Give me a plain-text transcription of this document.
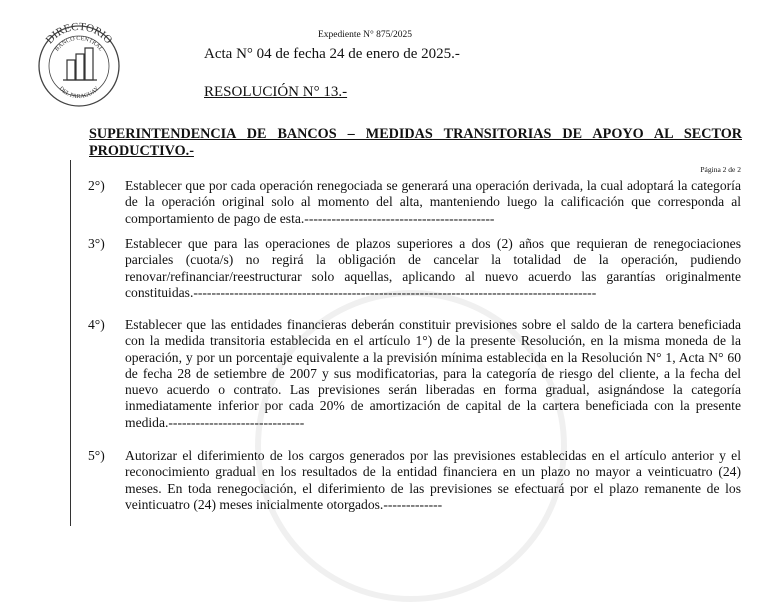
DIRECTORIO
BANCO CENTRAL
DEL PARAGUAY
Expediente N° 875/2025
Acta N° 04 de fecha 24 de enero de 2025.-
RESOLUCIÓN N° 13.-
SUPERINTENDENCIA DE BANCOS – MEDIDAS TRANSITORIAS DE APOYO AL SECTOR PRODUCTIVO.-
Página 2 de 2
2°)	Establecer que por cada operación renegociada se generará una operación derivada, la cual adoptará la categoría de la operación original solo al momento del alta, manteniendo luego la calificación que corresponda al comportamiento de pago de esta.------------------------------------------
3°)	Establecer que para las operaciones de plazos superiores a dos (2) años que requieran de renegociaciones parciales (cuota/s) no regirá la obligación de cancelar la totalidad de la operación, pudiendo renovar/refinanciar/reestructurar solo aquellas, aplicando al nuevo acuerdo las garantías originalmente constituidas.-----------------------------------------------------------------------------------------
4°)	Establecer que las entidades financieras deberán constituir previsiones sobre el saldo de la cartera beneficiada con la medida transitoria establecida en el artículo 1°) de la presente Resolución, en la misma moneda de la operación, y por un porcentaje equivalente a la previsión mínima establecida en la Resolución N° 1, Acta N° 60 de fecha 28 de setiembre de 2007 y sus modificatorias, para la categoría de riesgo del cliente, a la fecha del nuevo acuerdo o contrato. Las previsiones serán liberadas en forma gradual, asignándose la categoría inmediatamente inferior por cada 20% de amortización de capital de la cartera beneficiada con la presente medida.------------------------------
5°)	Autorizar el diferimiento de los cargos generados por las previsiones establecidas en el artículo anterior y el reconocimiento gradual en los resultados de la entidad financiera en un plazo no mayor a veinticuatro (24) meses. En toda renegociación, el diferimiento de las previsiones se efectuará por el plazo remanente de los veinticuatro (24) meses inicialmente otorgados.-------------
